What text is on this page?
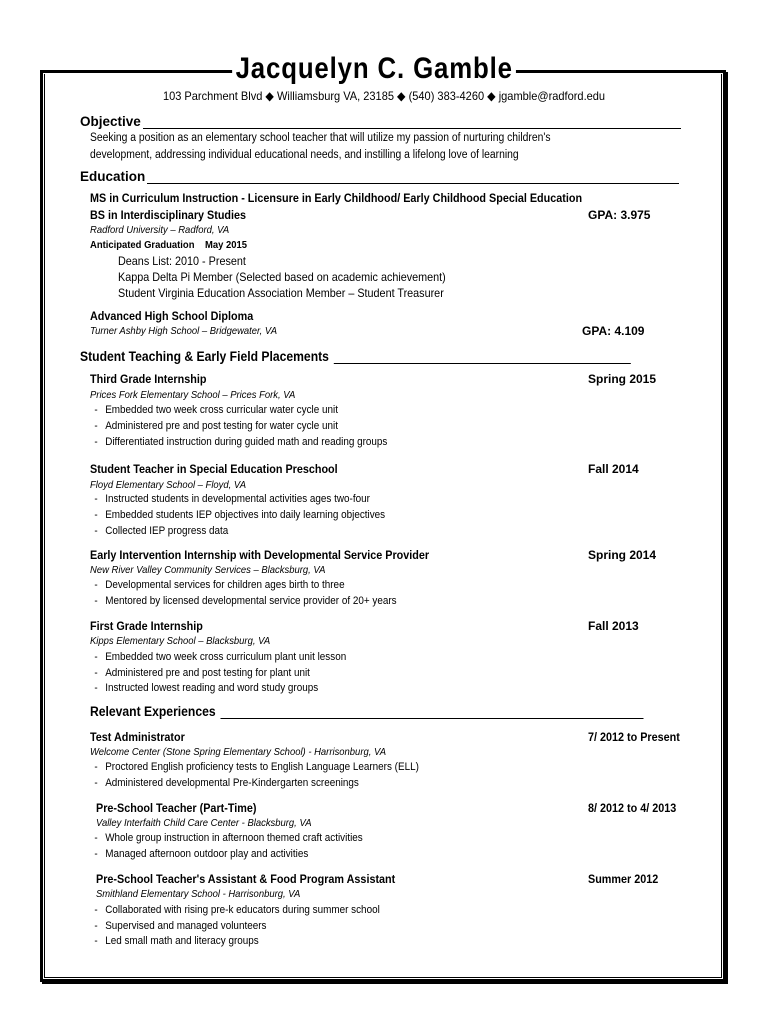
Jacquelyn C. Gamble
103 Parchment Blvd ◆ Williamsburg VA, 23185 ◆ (540) 383-4260 ◆ jgamble@radford.edu
Objective
Seeking a position as an elementary school teacher that will utilize my passion of nurturing children's
development, addressing individual educational needs, and instilling a lifelong love of learning
Education
MS in Curriculum Instruction - Licensure in Early Childhood/ Early Childhood Special Education
BS in Interdisciplinary Studies	GPA: 3.975
Radford University – Radford, VA
Anticipated Graduation May 2015
Deans List: 2010 - Present
Kappa Delta Pi Member (Selected based on academic achievement)
Student Virginia Education Association Member – Student Treasurer
Advanced High School Diploma
Turner Ashby High School – Bridgewater, VA	GPA: 4.109
Student Teaching & Early Field Placements
Third Grade Internship	Spring 2015
Prices Fork Elementary School – Prices Fork, VA
- Embedded two week cross curricular water cycle unit
- Administered pre and post testing for water cycle unit
- Differentiated instruction during guided math and reading groups
Student Teacher in Special Education Preschool	Fall 2014
Floyd Elementary School – Floyd, VA
- Instructed students in developmental activities ages two-four
- Embedded students IEP objectives into daily learning objectives
- Collected IEP progress data
Early Intervention Internship with Developmental Service Provider	Spring 2014
New River Valley Community Services – Blacksburg, VA
- Developmental services for children ages birth to three
- Mentored by licensed developmental service provider of 20+ years
First Grade Internship	Fall 2013
Kipps Elementary School – Blacksburg, VA
- Embedded two week cross curriculum plant unit lesson
- Administered pre and post testing for plant unit
- Instructed lowest reading and word study groups
Relevant Experiences
Test Administrator	7/ 2012 to Present
Welcome Center (Stone Spring Elementary School) - Harrisonburg, VA
- Proctored English proficiency tests to English Language Learners (ELL)
- Administered developmental Pre-Kindergarten screenings
Pre-School Teacher (Part-Time)	8/ 2012 to 4/ 2013
Valley Interfaith Child Care Center - Blacksburg, VA
- Whole group instruction in afternoon themed craft activities
- Managed afternoon outdoor play and activities
Pre-School Teacher's Assistant & Food Program Assistant	Summer 2012
Smithland Elementary School - Harrisonburg, VA
- Collaborated with rising pre-k educators during summer school
- Supervised and managed volunteers
- Led small math and literacy groups
